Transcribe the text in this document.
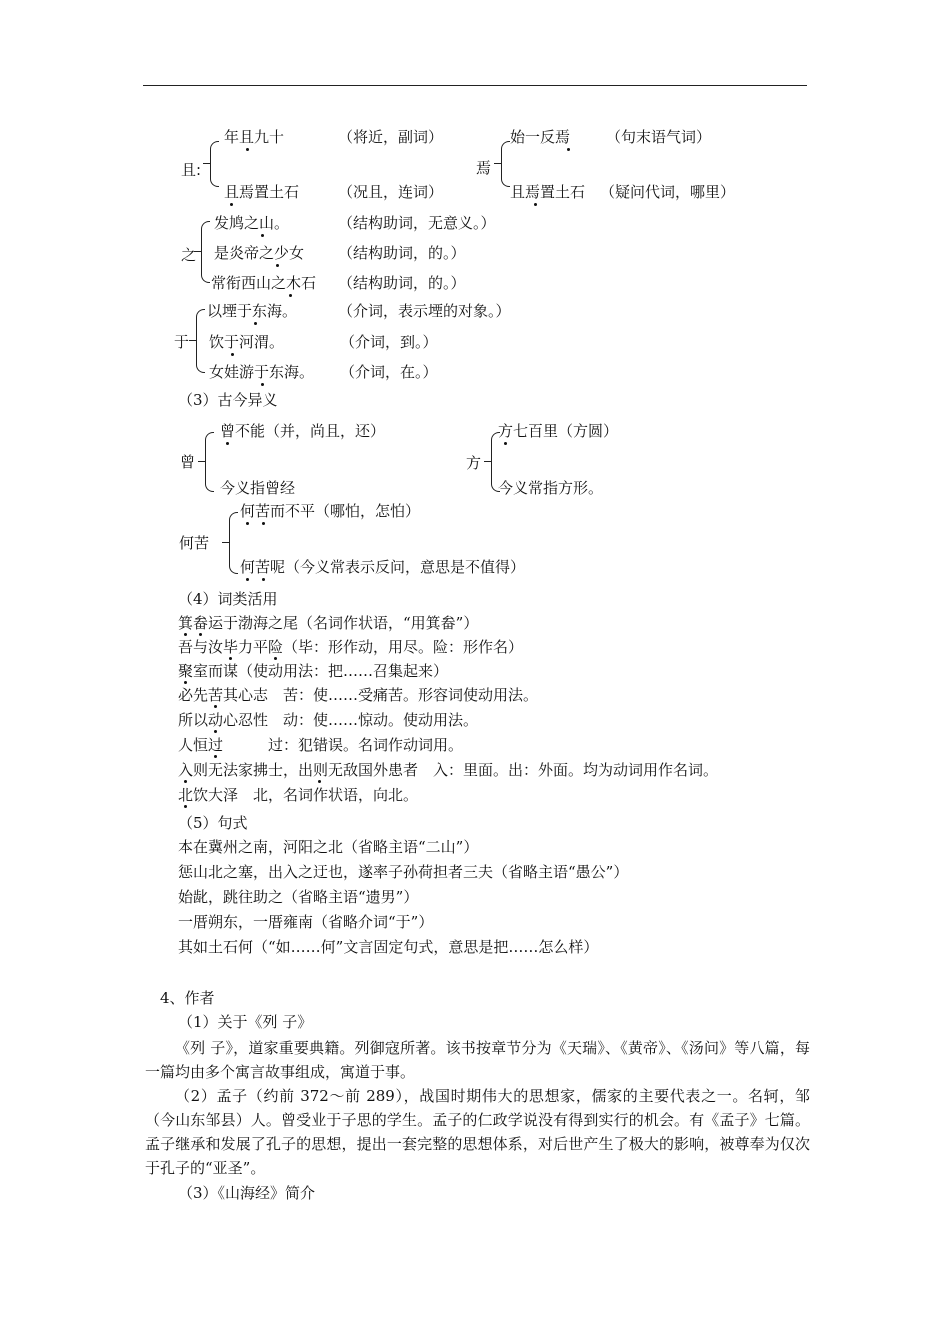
且:
年且九十	（将近，副词）
且焉置土石	（况且，连词）
焉
始一反焉 （句末语气词）
且焉置土石 （疑问代词，哪里）
之
发鸠之山。	（结构助词，无意义。）
是炎帝之少女 （结构助词，的。）
常衔西山之木石 （结构助词，的。）
于
以堙于东海。	（介词，表示堙的对象。）
饮于河渭。	（介词，到。）
女娃游于东海。 （介词，在。）
（3）古今异义
曾
曾不能（并，尚且，还）
今义指曾经
方
方七百里（方圆）
今义常指方形。
何苦
何苦而不平（哪怕，怎怕）
何苦呢（今义常表示反问，意思是不值得）
（4）词类活用
箕畚运于渤海之尾（名词作状语，“用箕畚”）
吾与汝毕力平险（毕：形作动，用尽。险：形作名）
聚室而谋（使动用法：把……召集起来）
必先苦其心志　苦：使……受痛苦。形容词使动用法。
所以动心忍性　动：使……惊动。使动用法。
人恒过　　　过：犯错误。名词作动词用。
入则无法家拂士，出则无敌国外患者　入：里面。出：外面。均为动词用作名词。
北饮大泽　北，名词作状语，向北。
（5）句式
本在冀州之南，河阳之北（省略主语“二山”）
惩山北之塞，出入之迂也，遂率子孙荷担者三夫（省略主语“愚公”）
始龀，跳往助之（省略主语“遗男”）
一厝朔东，一厝雍南（省略介词“于”）
其如土石何（“如……何”文言固定句式，意思是把……怎么样）
4、作者
（1）关于《列 子》
《列 子》，道家重要典籍。列御寇所著。该书按章节分为《天瑞》、《黄帝》、《汤问》等八篇，每一篇均由多个寓言故事组成，寓道于事。
（2）孟子（约前 372～前 289），战国时期伟大的思想家，儒家的主要代表之一。名轲，邹（今山东邹县）人。曾受业于子思的学生。孟子的仁政学说没有得到实行的机会。有《孟子》七篇。孟子继承和发展了孔子的思想，提出一套完整的思想体系，对后世产生了极大的影响，被尊奉为仅次于孔子的“亚圣”。
（3）《山海经》简介
